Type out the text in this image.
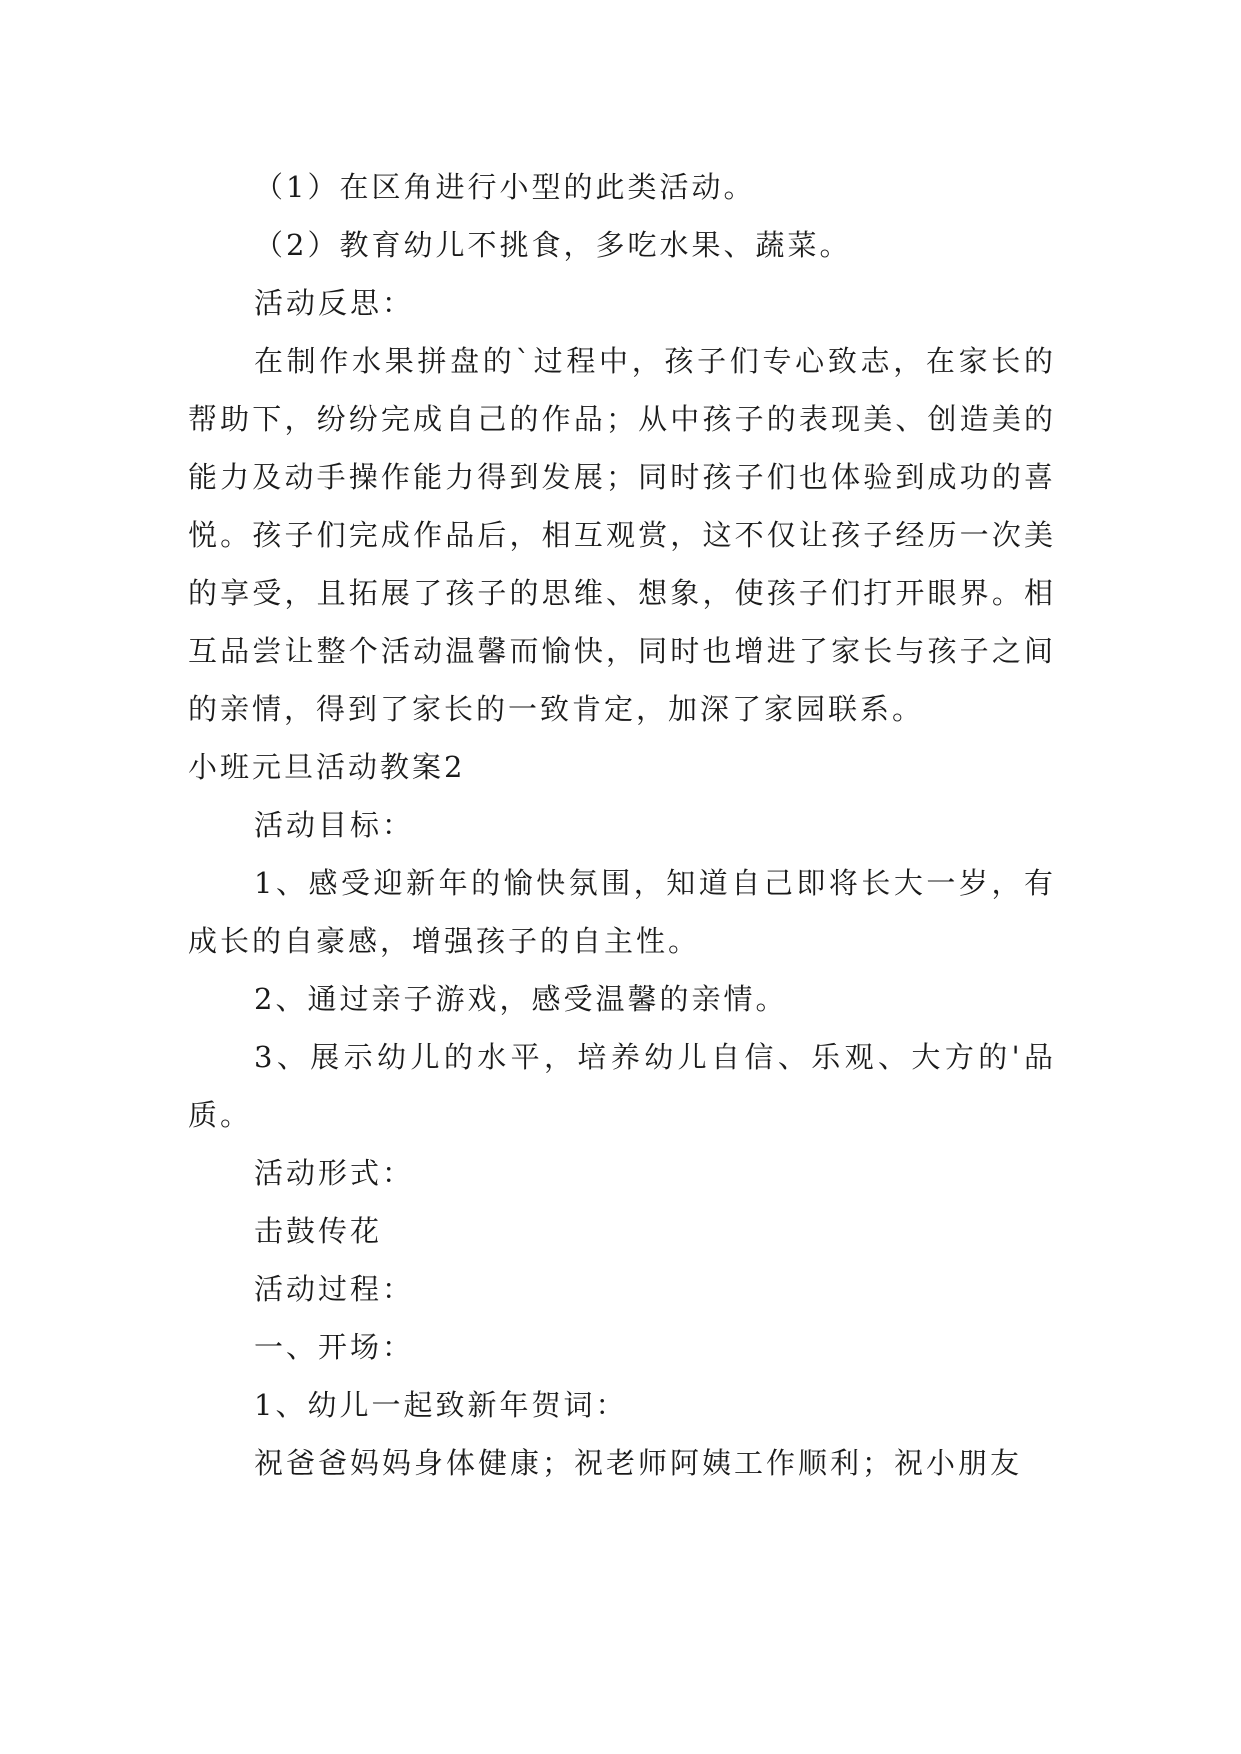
（1）在区角进行小型的此类活动。

（2）教育幼儿不挑食，多吃水果、蔬菜。

活动反思：

在制作水果拼盘的`过程中，孩子们专心致志，在家长的帮助下，纷纷完成自己的作品；从中孩子的表现美、创造美的能力及动手操作能力得到发展；同时孩子们也体验到成功的喜悦。孩子们完成作品后，相互观赏，这不仅让孩子经历一次美的享受，且拓展了孩子的思维、想象，使孩子们打开眼界。相互品尝让整个活动温馨而愉快，同时也增进了家长与孩子之间的亲情，得到了家长的一致肯定，加深了家园联系。

小班元旦活动教案2

活动目标：

1、感受迎新年的愉快氛围，知道自己即将长大一岁，有成长的自豪感，增强孩子的自主性。

2、通过亲子游戏，感受温馨的亲情。

3、展示幼儿的水平，培养幼儿自信、乐观、大方的'品质。

活动形式：

击鼓传花

活动过程：

一、开场：

1、幼儿一起致新年贺词：

祝爸爸妈妈身体健康；祝老师阿姨工作顺利；祝小朋友
